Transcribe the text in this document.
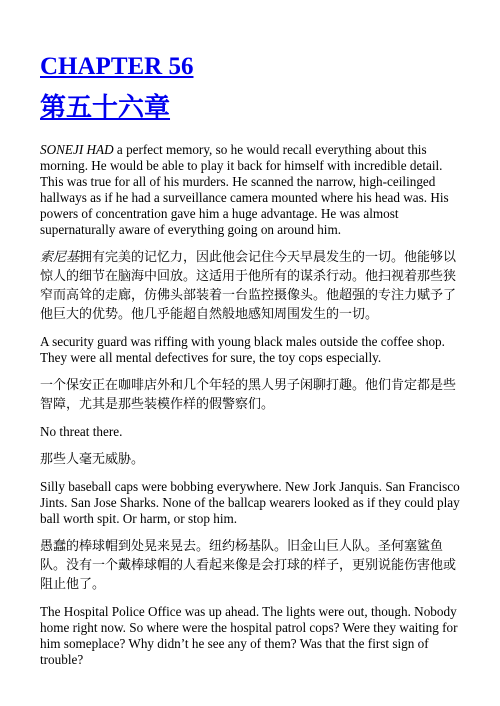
CHAPTER 56
第五十六章

SONEJI HAD a perfect memory, so he would recall everything about this morning. He would be able to play it back for himself with incredible detail. This was true for all of his murders. He scanned the narrow, high-ceilinged hallways as if he had a surveillance camera mounted where his head was. His powers of concentration gave him a huge advantage. He was almost supernaturally aware of everything going on around him.

索尼基拥有完美的记忆力，因此他会记住今天早晨发生的一切。他能够以惊人的细节在脑海中回放。这适用于他所有的谋杀行动。他扫视着那些狭窄而高耸的走廊，仿佛头部装着一台监控摄像头。他超强的专注力赋予了他巨大的优势。他几乎能超自然般地感知周围发生的一切。

A security guard was riffing with young black males outside the coffee shop. They were all mental defectives for sure, the toy cops especially.

一个保安正在咖啡店外和几个年轻的黑人男子闲聊打趣。他们肯定都是些智障，尤其是那些装模作样的假警察们。

No threat there.

那些人毫无威胁。

Silly baseball caps were bobbing everywhere. New Jork Janquis. San Francisco Jints. San Jose Sharks. None of the ballcap wearers looked as if they could play ball worth spit. Or harm, or stop him.

愚蠢的棒球帽到处晃来晃去。纽约杨基队。旧金山巨人队。圣何塞鲨鱼队。没有一个戴棒球帽的人看起来像是会打球的样子，更别说能伤害他或阻止他了。

The Hospital Police Office was up ahead. The lights were out, though. Nobody home right now. So where were the hospital patrol cops? Were they waiting for him someplace? Why didn’t he see any of them? Was that the first sign of trouble?
